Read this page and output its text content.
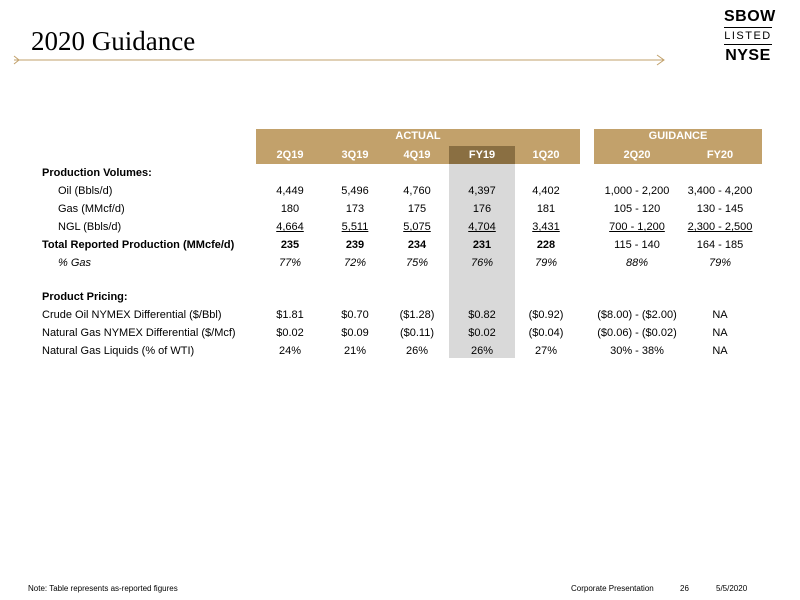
2020 Guidance
SBOW
LISTED
NYSE
ACTUAL	GUIDANCE
2Q19	3Q19	4Q19	FY19	1Q20	2Q20	FY20
Production Volumes:
Oil (Bbls/d)	4,449	5,496	4,760	4,397	4,402	1,000 - 2,200	3,400 - 4,200
Gas (MMcf/d)	180	173	175	176	181	105 - 120	130 - 145
NGL (Bbls/d)	4,664	5,511	5,075	4,704	3,431	700 - 1,200	2,300 - 2,500
Total Reported Production (MMcfe/d)	235	239	234	231	228	115 - 140	164 - 185
% Gas	77%	72%	75%	76%	79%	88%	79%
Product Pricing:
Crude Oil NYMEX Differential ($/Bbl)	$1.81	$0.70	($1.28)	$0.82	($0.92)	($8.00) - ($2.00)	NA
Natural Gas NYMEX Differential ($/Mcf)	$0.02	$0.09	($0.11)	$0.02	($0.04)	($0.06) - ($0.02)	NA
Natural Gas Liquids (% of WTI)	24%	21%	26%	26%	27%	30% - 38%	NA
Note: Table represents as-reported figures	Corporate Presentation	26	5/5/2020
